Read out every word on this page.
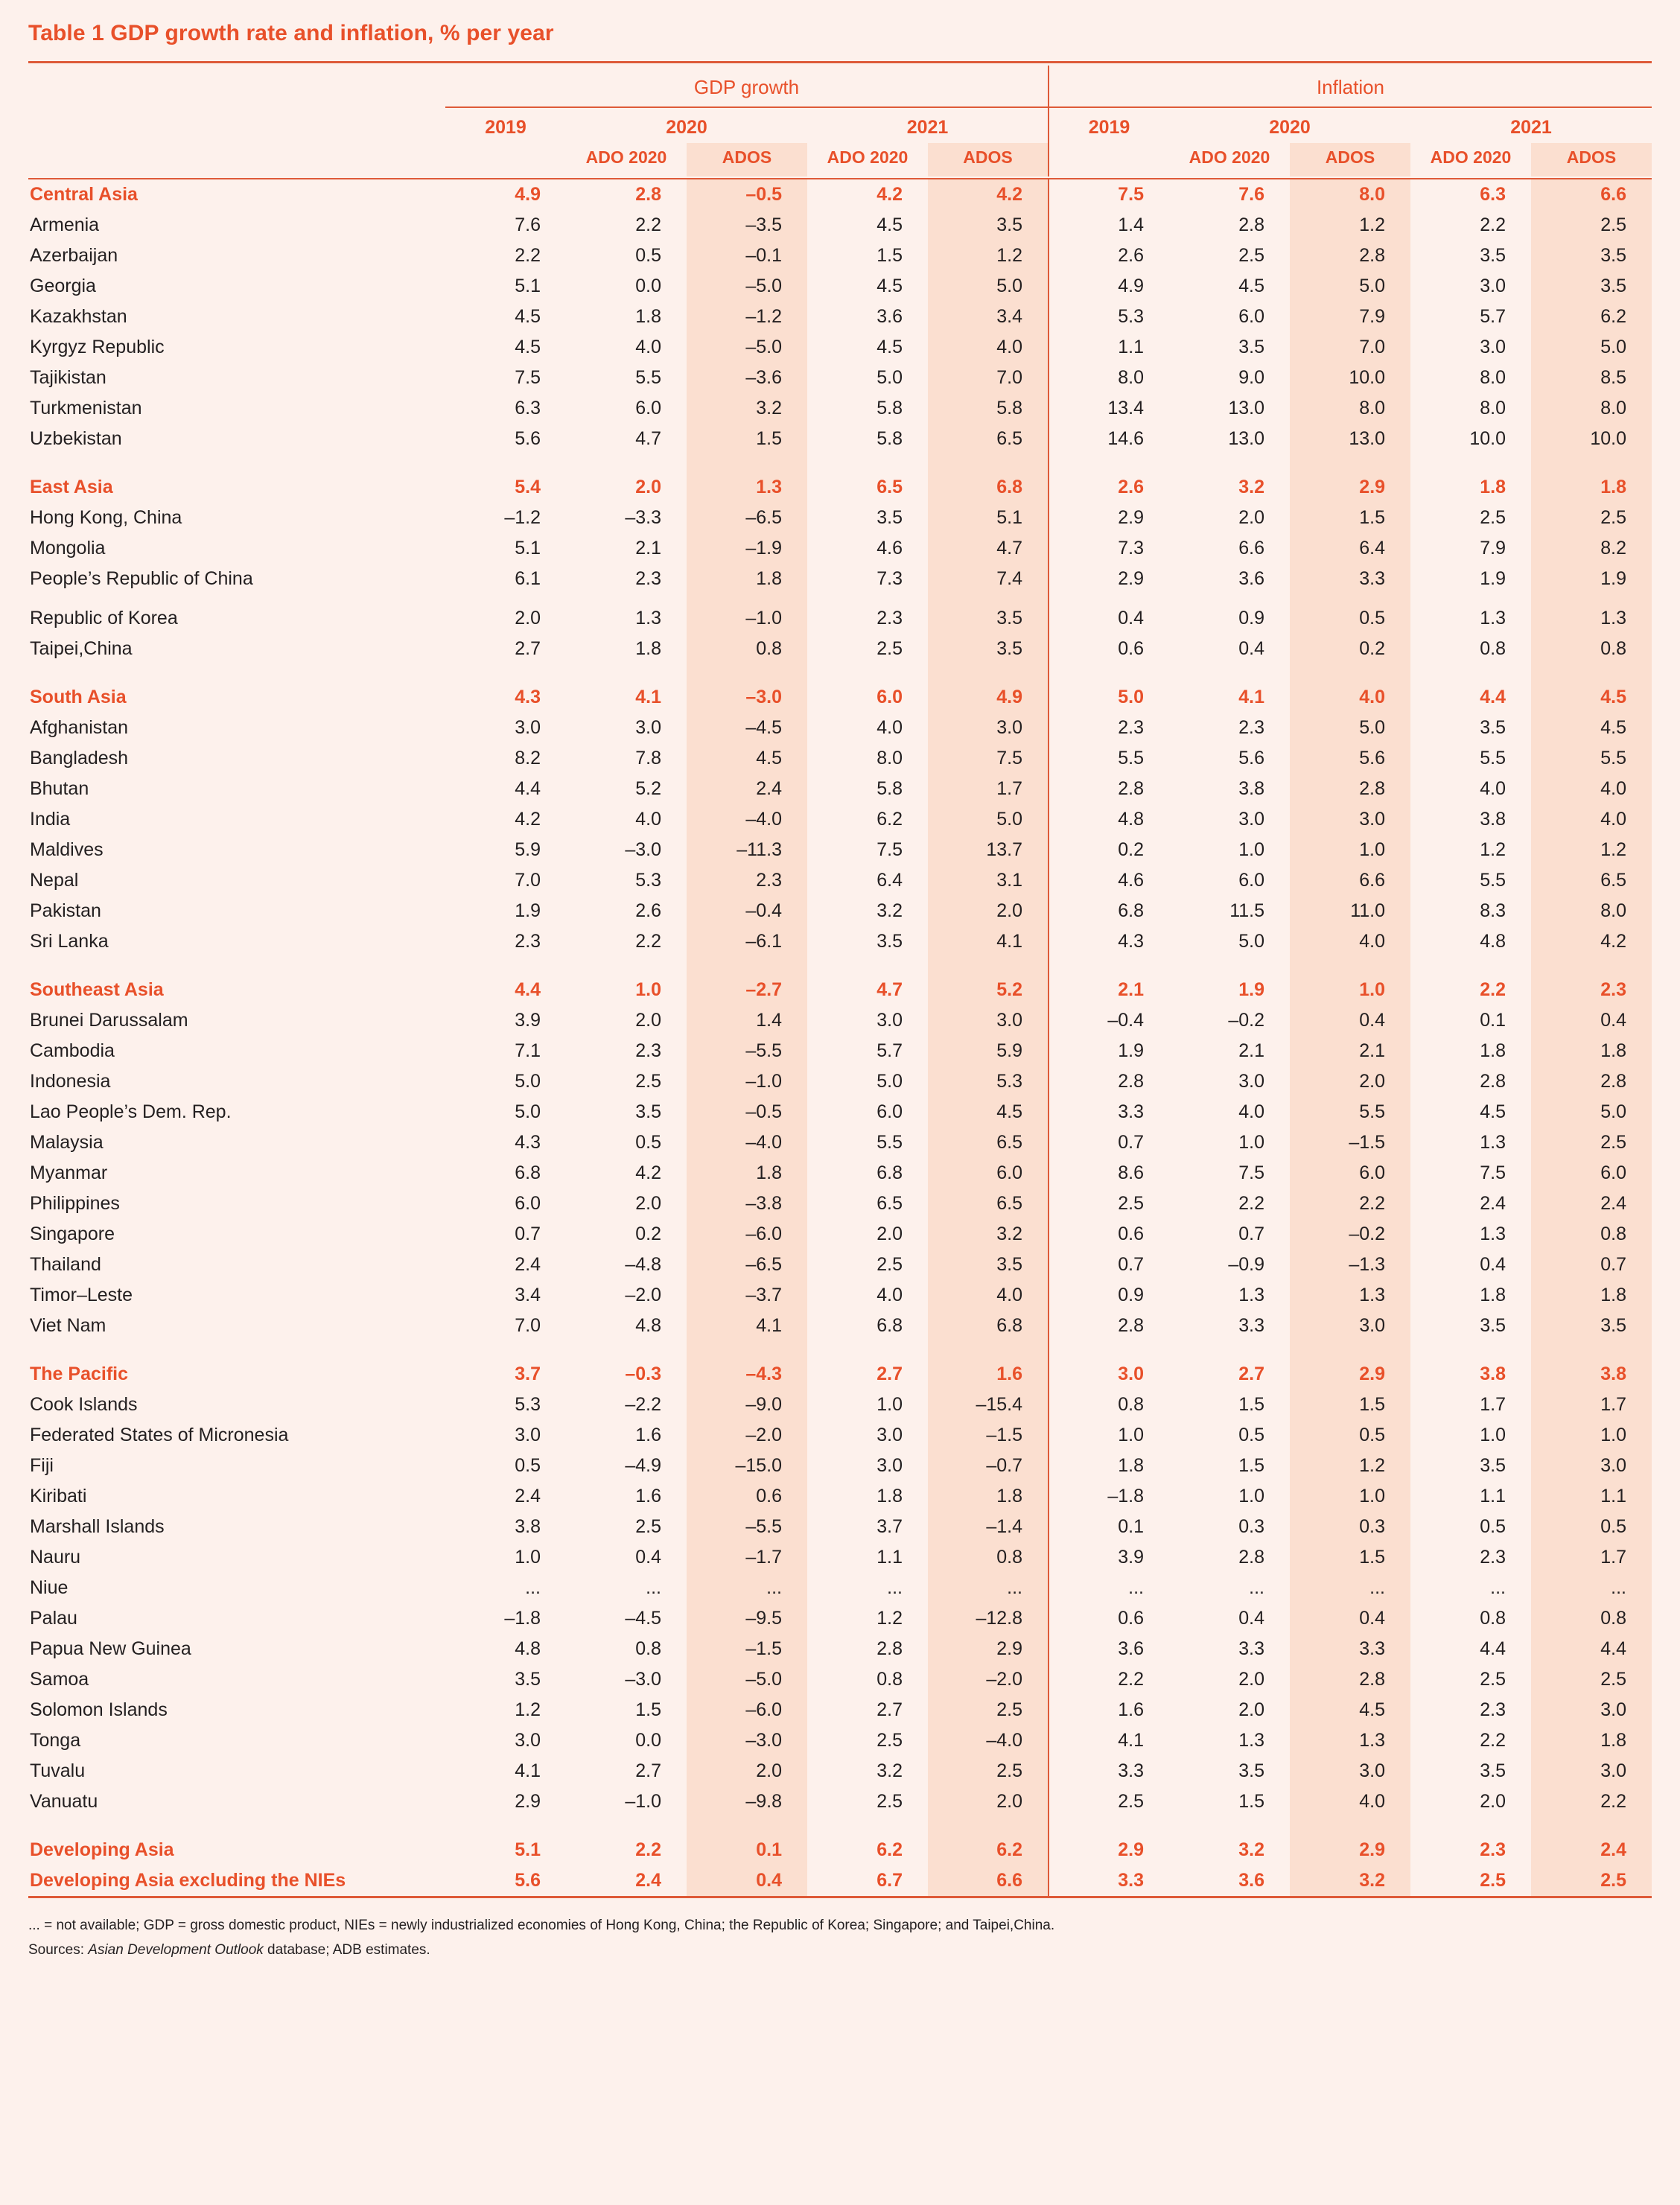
Table 1 GDP growth rate and inflation, % per year

	GDP growth					Inflation				
	2019	2020		2021		2019	2020		2021	
		ADO 2020	ADOS	ADO 2020	ADOS		ADO 2020	ADOS	ADO 2020	ADOS

Central Asia	4.9	2.8	–0.5	4.2	4.2	7.5	7.6	8.0	6.3	6.6
Armenia	7.6	2.2	–3.5	4.5	3.5	1.4	2.8	1.2	2.2	2.5
Azerbaijan	2.2	0.5	–0.1	1.5	1.2	2.6	2.5	2.8	3.5	3.5
Georgia	5.1	0.0	–5.0	4.5	5.0	4.9	4.5	5.0	3.0	3.5
Kazakhstan	4.5	1.8	–1.2	3.6	3.4	5.3	6.0	7.9	5.7	6.2
Kyrgyz Republic	4.5	4.0	–5.0	4.5	4.0	1.1	3.5	7.0	3.0	5.0
Tajikistan	7.5	5.5	–3.6	5.0	7.0	8.0	9.0	10.0	8.0	8.5
Turkmenistan	6.3	6.0	3.2	5.8	5.8	13.4	13.0	8.0	8.0	8.0
Uzbekistan	5.6	4.7	1.5	5.8	6.5	14.6	13.0	13.0	10.0	10.0

East Asia	5.4	2.0	1.3	6.5	6.8	2.6	3.2	2.9	1.8	1.8
Hong Kong, China	–1.2	–3.3	–6.5	3.5	5.1	2.9	2.0	1.5	2.5	2.5
Mongolia	5.1	2.1	–1.9	4.6	4.7	7.3	6.6	6.4	7.9	8.2
People’s Republic of China	6.1	2.3	1.8	7.3	7.4	2.9	3.6	3.3	1.9	1.9

Republic of Korea	2.0	1.3	–1.0	2.3	3.5	0.4	0.9	0.5	1.3	1.3
Taipei,China	2.7	1.8	0.8	2.5	3.5	0.6	0.4	0.2	0.8	0.8

South Asia	4.3	4.1	–3.0	6.0	4.9	5.0	4.1	4.0	4.4	4.5
Afghanistan	3.0	3.0	–4.5	4.0	3.0	2.3	2.3	5.0	3.5	4.5
Bangladesh	8.2	7.8	4.5	8.0	7.5	5.5	5.6	5.6	5.5	5.5
Bhutan	4.4	5.2	2.4	5.8	1.7	2.8	3.8	2.8	4.0	4.0
India	4.2	4.0	–4.0	6.2	5.0	4.8	3.0	3.0	3.8	4.0
Maldives	5.9	–3.0	–11.3	7.5	13.7	0.2	1.0	1.0	1.2	1.2
Nepal	7.0	5.3	2.3	6.4	3.1	4.6	6.0	6.6	5.5	6.5
Pakistan	1.9	2.6	–0.4	3.2	2.0	6.8	11.5	11.0	8.3	8.0
Sri Lanka	2.3	2.2	–6.1	3.5	4.1	4.3	5.0	4.0	4.8	4.2

Southeast Asia	4.4	1.0	–2.7	4.7	5.2	2.1	1.9	1.0	2.2	2.3
Brunei Darussalam	3.9	2.0	1.4	3.0	3.0	–0.4	–0.2	0.4	0.1	0.4
Cambodia	7.1	2.3	–5.5	5.7	5.9	1.9	2.1	2.1	1.8	1.8
Indonesia	5.0	2.5	–1.0	5.0	5.3	2.8	3.0	2.0	2.8	2.8
Lao People’s Dem. Rep.	5.0	3.5	–0.5	6.0	4.5	3.3	4.0	5.5	4.5	5.0
Malaysia	4.3	0.5	–4.0	5.5	6.5	0.7	1.0	–1.5	1.3	2.5
Myanmar	6.8	4.2	1.8	6.8	6.0	8.6	7.5	6.0	7.5	6.0
Philippines	6.0	2.0	–3.8	6.5	6.5	2.5	2.2	2.2	2.4	2.4
Singapore	0.7	0.2	–6.0	2.0	3.2	0.6	0.7	–0.2	1.3	0.8
Thailand	2.4	–4.8	–6.5	2.5	3.5	0.7	–0.9	–1.3	0.4	0.7
Timor–Leste	3.4	–2.0	–3.7	4.0	4.0	0.9	1.3	1.3	1.8	1.8
Viet Nam	7.0	4.8	4.1	6.8	6.8	2.8	3.3	3.0	3.5	3.5

The Pacific	3.7	–0.3	–4.3	2.7	1.6	3.0	2.7	2.9	3.8	3.8
Cook Islands	5.3	–2.2	–9.0	1.0	–15.4	0.8	1.5	1.5	1.7	1.7
Federated States of Micronesia	3.0	1.6	–2.0	3.0	–1.5	1.0	0.5	0.5	1.0	1.0
Fiji	0.5	–4.9	–15.0	3.0	–0.7	1.8	1.5	1.2	3.5	3.0
Kiribati	2.4	1.6	0.6	1.8	1.8	–1.8	1.0	1.0	1.1	1.1
Marshall Islands	3.8	2.5	–5.5	3.7	–1.4	0.1	0.3	0.3	0.5	0.5
Nauru	1.0	0.4	–1.7	1.1	0.8	3.9	2.8	1.5	2.3	1.7
Niue	...	...	...	...	...	...	...	...	...	...
Palau	–1.8	–4.5	–9.5	1.2	–12.8	0.6	0.4	0.4	0.8	0.8
Papua New Guinea	4.8	0.8	–1.5	2.8	2.9	3.6	3.3	3.3	4.4	4.4
Samoa	3.5	–3.0	–5.0	0.8	–2.0	2.2	2.0	2.8	2.5	2.5
Solomon Islands	1.2	1.5	–6.0	2.7	2.5	1.6	2.0	4.5	2.3	3.0
Tonga	3.0	0.0	–3.0	2.5	–4.0	4.1	1.3	1.3	2.2	1.8
Tuvalu	4.1	2.7	2.0	3.2	2.5	3.3	3.5	3.0	3.5	3.0
Vanuatu	2.9	–1.0	–9.8	2.5	2.0	2.5	1.5	4.0	2.0	2.2

Developing Asia	5.1	2.2	0.1	6.2	6.2	2.9	3.2	2.9	2.3	2.4
Developing Asia excluding the NIEs	5.6	2.4	0.4	6.7	6.6	3.3	3.6	3.2	2.5	2.5

... = not available; GDP = gross domestic product, NIEs = newly industrialized economies of Hong Kong, China; the Republic of Korea; Singapore; and Taipei,China.
Sources: Asian Development Outlook database; ADB estimates.
